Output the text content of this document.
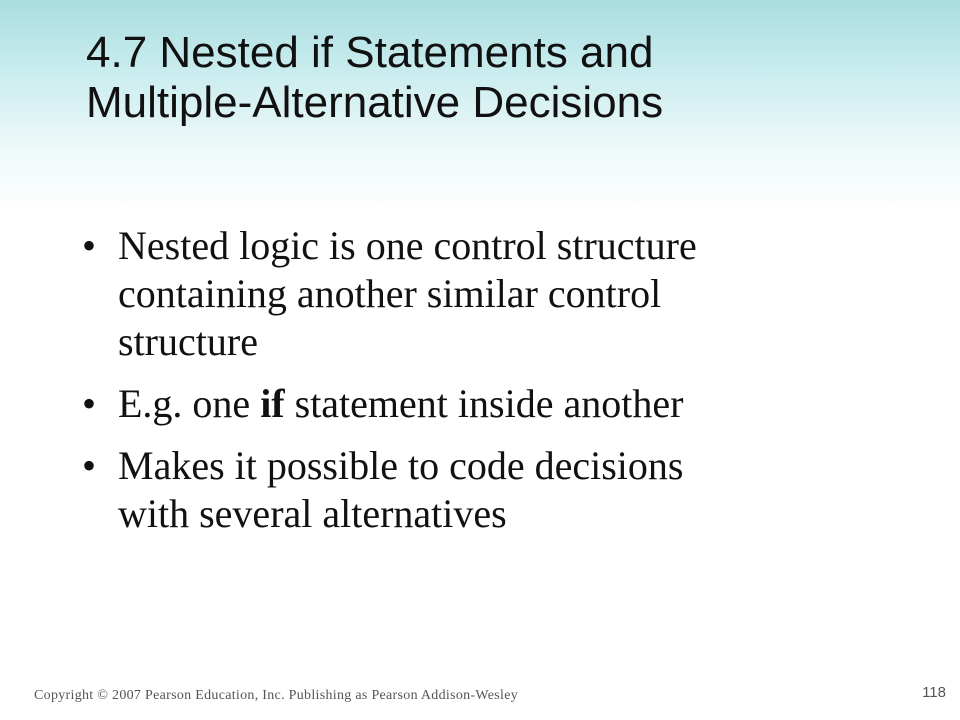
4.7 Nested if Statements and
Multiple-Alternative Decisions
• Nested logic is one control structure
containing another similar control
structure
• E.g. one if statement inside another
• Makes it possible to code decisions
with several alternatives
Copyright © 2007 Pearson Education, Inc. Publishing as Pearson Addison-Wesley	118
